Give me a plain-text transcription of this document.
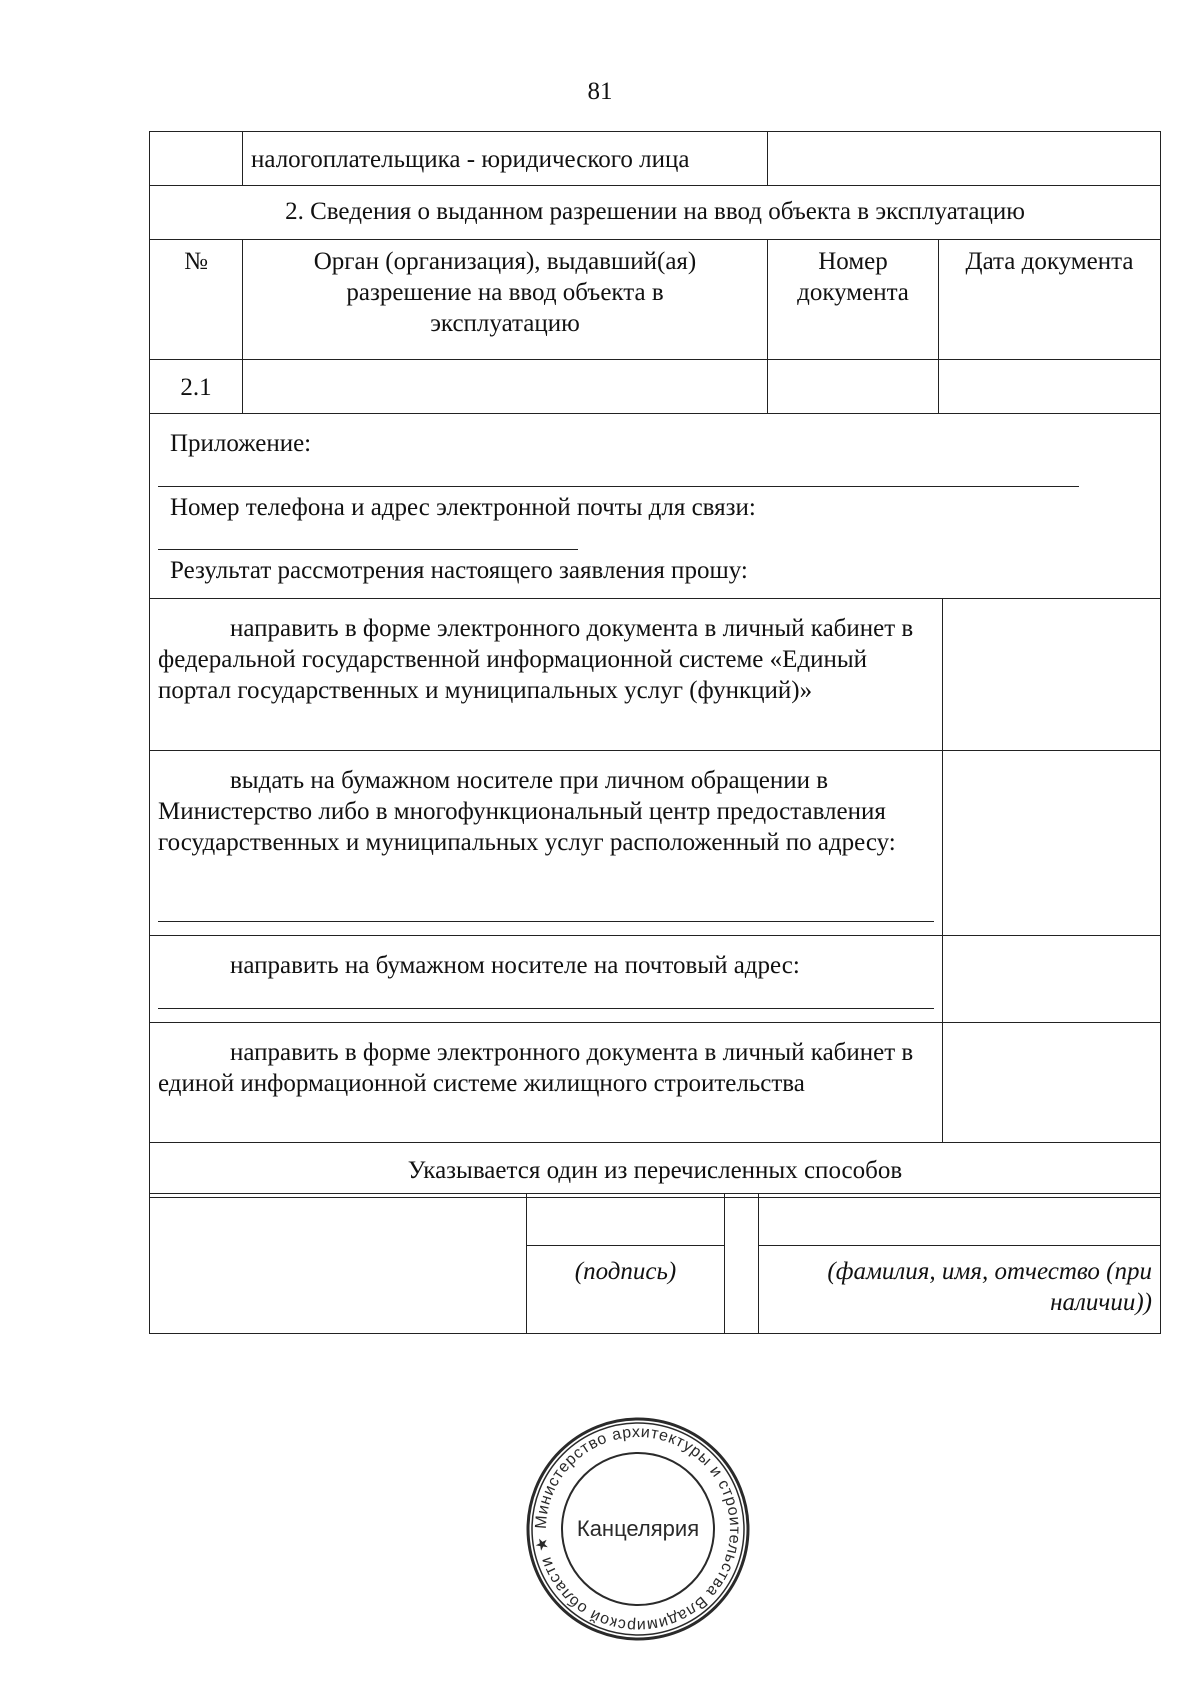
81
	налогоплательщика - юридического лица		
2. Сведения о выданном разрешении на ввод объекта в эксплуатацию			
№	Орган (организация), выдавший(ая) разрешение на ввод объекта в эксплуатацию	Номер документа	Дата документа
2.1			
Приложение:
Номер телефона и адрес электронной почты для связи:
Результат рассмотрения настоящего заявления прошу:	

направить в форме электронного документа в личный кабинет в федеральной государственной информационной системе «Единый портал государственных и муниципальных услуг (функций)»	

выдать на бумажном носителе при личном обращении в Министерство либо в многофункциональный центр предоставления государственных и муниципальных услуг расположенный по адресу:	

направить на бумажном носителе на почтовый адрес:	

направить в форме электронного документа в личный кабинет в единой информационной системе жилищного строительства	
Указывается один из перечисленных способов	

	(подпись)		(фамилия, имя, отчество (при наличии))
Министерство архитектуры и строительства Владимирской области ★
Канцелярия
